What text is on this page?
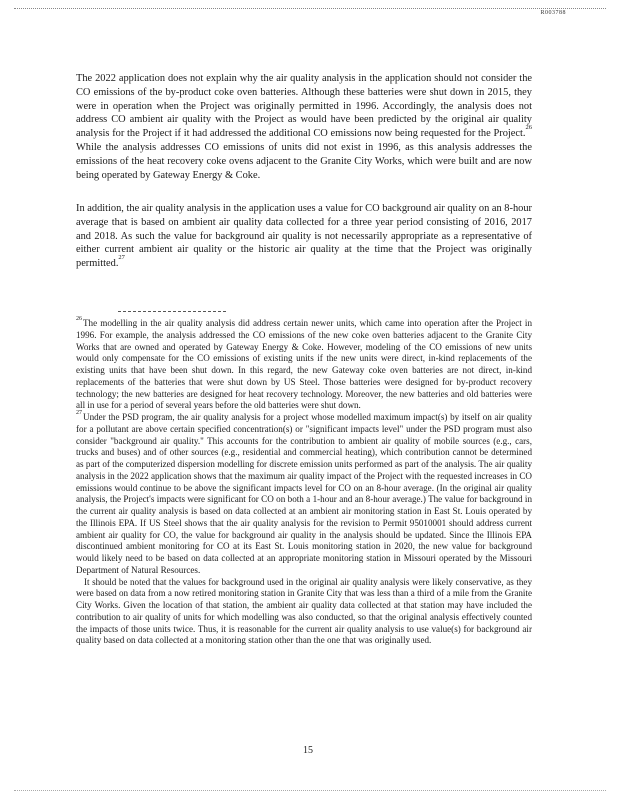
R003788

The 2022 application does not explain why the air quality analysis in the application should not consider the CO emissions of the by-product coke oven batteries. Although these batteries were shut down in 2015, they were in operation when the Project was originally permitted in 1996. Accordingly, the analysis does not address CO ambient air quality with the Project as would have been predicted by the original air quality analysis for the Project if it had addressed the additional CO emissions now being requested for the Project.$^{26}$ While the analysis addresses CO emissions of units did not exist in 1996, as this analysis addresses the emissions of the heat recovery coke ovens adjacent to the Granite City Works, which were built and are now being operated by Gateway Energy & Coke.

In addition, the air quality analysis in the application uses a value for CO background air quality on an 8-hour average that is based on ambient air quality data collected for a three year period consisting of 2016, 2017 and 2018. As such the value for background air quality is not necessarily appropriate as a representative of either current ambient air quality or the historic air quality at the time that the Project was originally permitted.$^{27}$

$^{26}$The modelling in the air quality analysis did address certain newer units, which came into operation after the Project in 1996. For example, the analysis addressed the CO emissions of the new coke oven batteries adjacent to the Granite City Works that are owned and operated by Gateway Energy & Coke. However, modeling of the CO emissions of new units would only compensate for the CO emissions of existing units if the new units were direct, in-kind replacements of the existing units that have been shut down. In this regard, the new Gateway coke oven batteries are not direct, in-kind replacements of the batteries that were shut down by US Steel. Those batteries were designed for by-product recovery technology; the new batteries are designed for heat recovery technology. Moreover, the new batteries and old batteries were all in use for a period of several years before the old batteries were shut down.

$^{27}$Under the PSD program, the air quality analysis for a project whose modelled maximum impact(s) by itself on air quality for a pollutant are above certain specified concentration(s) or "significant impacts level" under the PSD program must also consider "background air quality." This accounts for the contribution to ambient air quality of mobile sources (e.g., cars, trucks and buses) and of other sources (e.g., residential and commercial heating), which contribution cannot be determined as part of the computerized dispersion modelling for discrete emission units performed as part of the analysis. The air quality analysis in the 2022 application shows that the maximum air quality impact of the Project with the requested increases in CO emissions would continue to be above the significant impacts level for CO on an 8-hour average. (In the original air quality analysis, the Project's impacts were significant for CO on both a 1-hour and an 8-hour average.) The value for background in the current air quality analysis is based on data collected at an ambient air monitoring station in East St. Louis operated by the Illinois EPA. If US Steel shows that the air quality analysis for the revision to Permit 95010001 should address current ambient air quality for CO, the value for background air quality in the analysis should be updated. Since the Illinois EPA discontinued ambient monitoring for CO at its East St. Louis monitoring station in 2020, the new value for background would likely need to be based on data collected at an appropriate monitoring station in Missouri operated by the Missouri Department of Natural Resources.

It should be noted that the values for background used in the original air quality analysis were likely conservative, as they were based on data from a now retired monitoring station in Granite City that was less than a third of a mile from the Granite City Works. Given the location of that station, the ambient air quality data collected at that station may have included the contribution to air quality of units for which modelling was also conducted, so that the original analysis effectively counted the impacts of those units twice. Thus, it is reasonable for the current air quality analysis to use value(s) for background air quality based on data collected at a monitoring station other than the one that was originally used.

15
